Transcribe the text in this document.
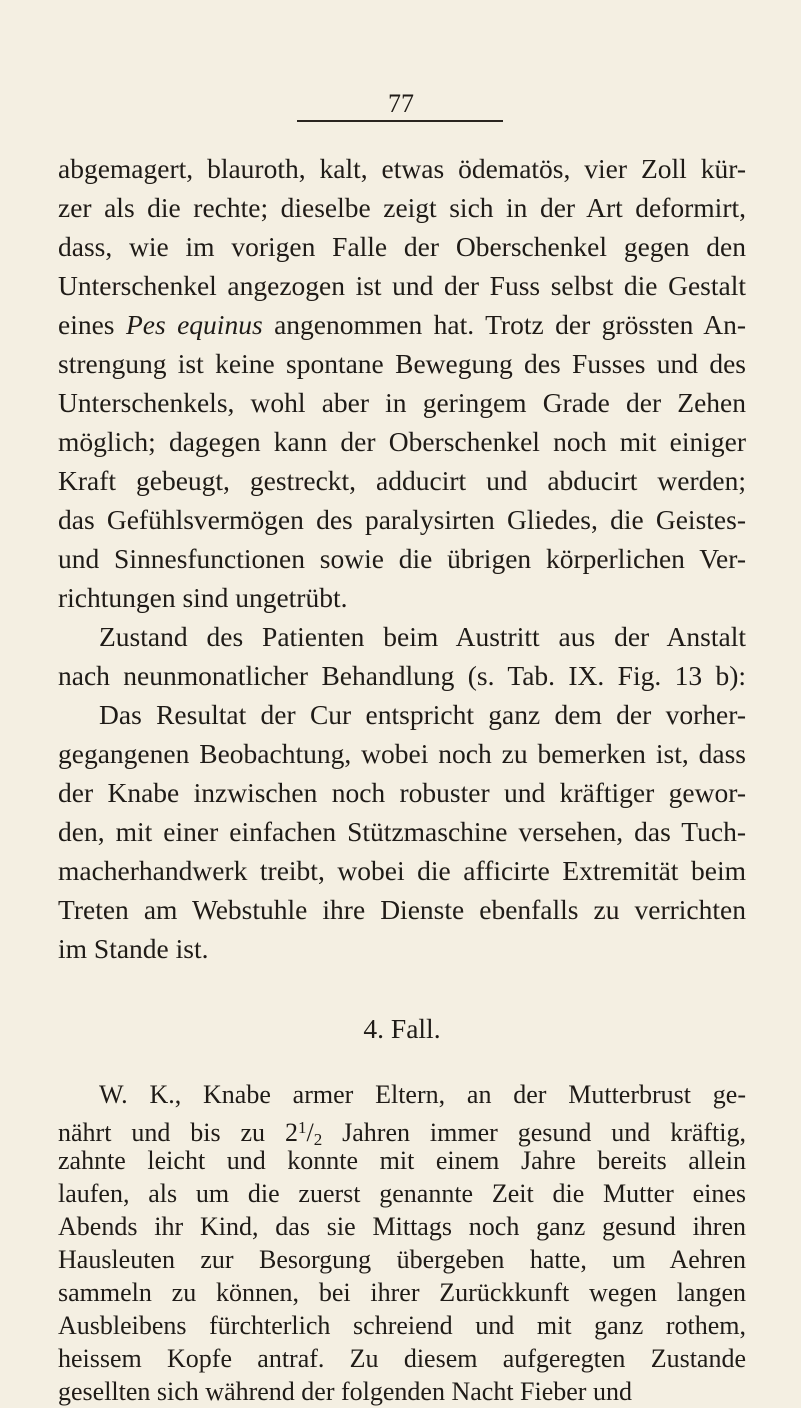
77
abgemagert, blauroth, kalt, etwas ödematös, vier Zoll kür-
zer als die rechte; dieselbe zeigt sich in der Art deformirt,
dass, wie im vorigen Falle der Oberschenkel gegen den
Unterschenkel angezogen ist und der Fuss selbst die Gestalt
eines Pes equinus angenommen hat. Trotz der grössten An-
strengung ist keine spontane Bewegung des Fusses und des
Unterschenkels, wohl aber in geringem Grade der Zehen
möglich; dagegen kann der Oberschenkel noch mit einiger
Kraft gebeugt, gestreckt, adducirt und abducirt werden;
das Gefühlsvermögen des paralysirten Gliedes, die Geistes-
und Sinnesfunctionen sowie die übrigen körperlichen Ver-
richtungen sind ungetrübt.
Zustand des Patienten beim Austritt aus der Anstalt
nach neunmonatlicher Behandlung (s. Tab. IX. Fig. 13 b):
Das Resultat der Cur entspricht ganz dem der vorher-
gegangenen Beobachtung, wobei noch zu bemerken ist, dass
der Knabe inzwischen noch robuster und kräftiger gewor-
den, mit einer einfachen Stützmaschine versehen, das Tuch-
macherhandwerk treibt, wobei die afficirte Extremität beim
Treten am Webstuhle ihre Dienste ebenfalls zu verrichten
im Stande ist.
4. Fall.
W. K., Knabe armer Eltern, an der Mutterbrust ge-
nährt und bis zu $2^1/2$ Jahren immer gesund und kräftig,
zahnte leicht und konnte mit einem Jahre bereits allein
laufen, als um die zuerst genannte Zeit die Mutter eines
Abends ihr Kind, das sie Mittags noch ganz gesund ihren
Hausleuten zur Besorgung übergeben hatte, um Aehren
sammeln zu können, bei ihrer Zurückkunft wegen langen
Ausbleibens fürchterlich schreiend und mit ganz rothem,
heissem Kopfe antraf. Zu diesem aufgeregten Zustande
gesellten sich während der folgenden Nacht Fieber und
